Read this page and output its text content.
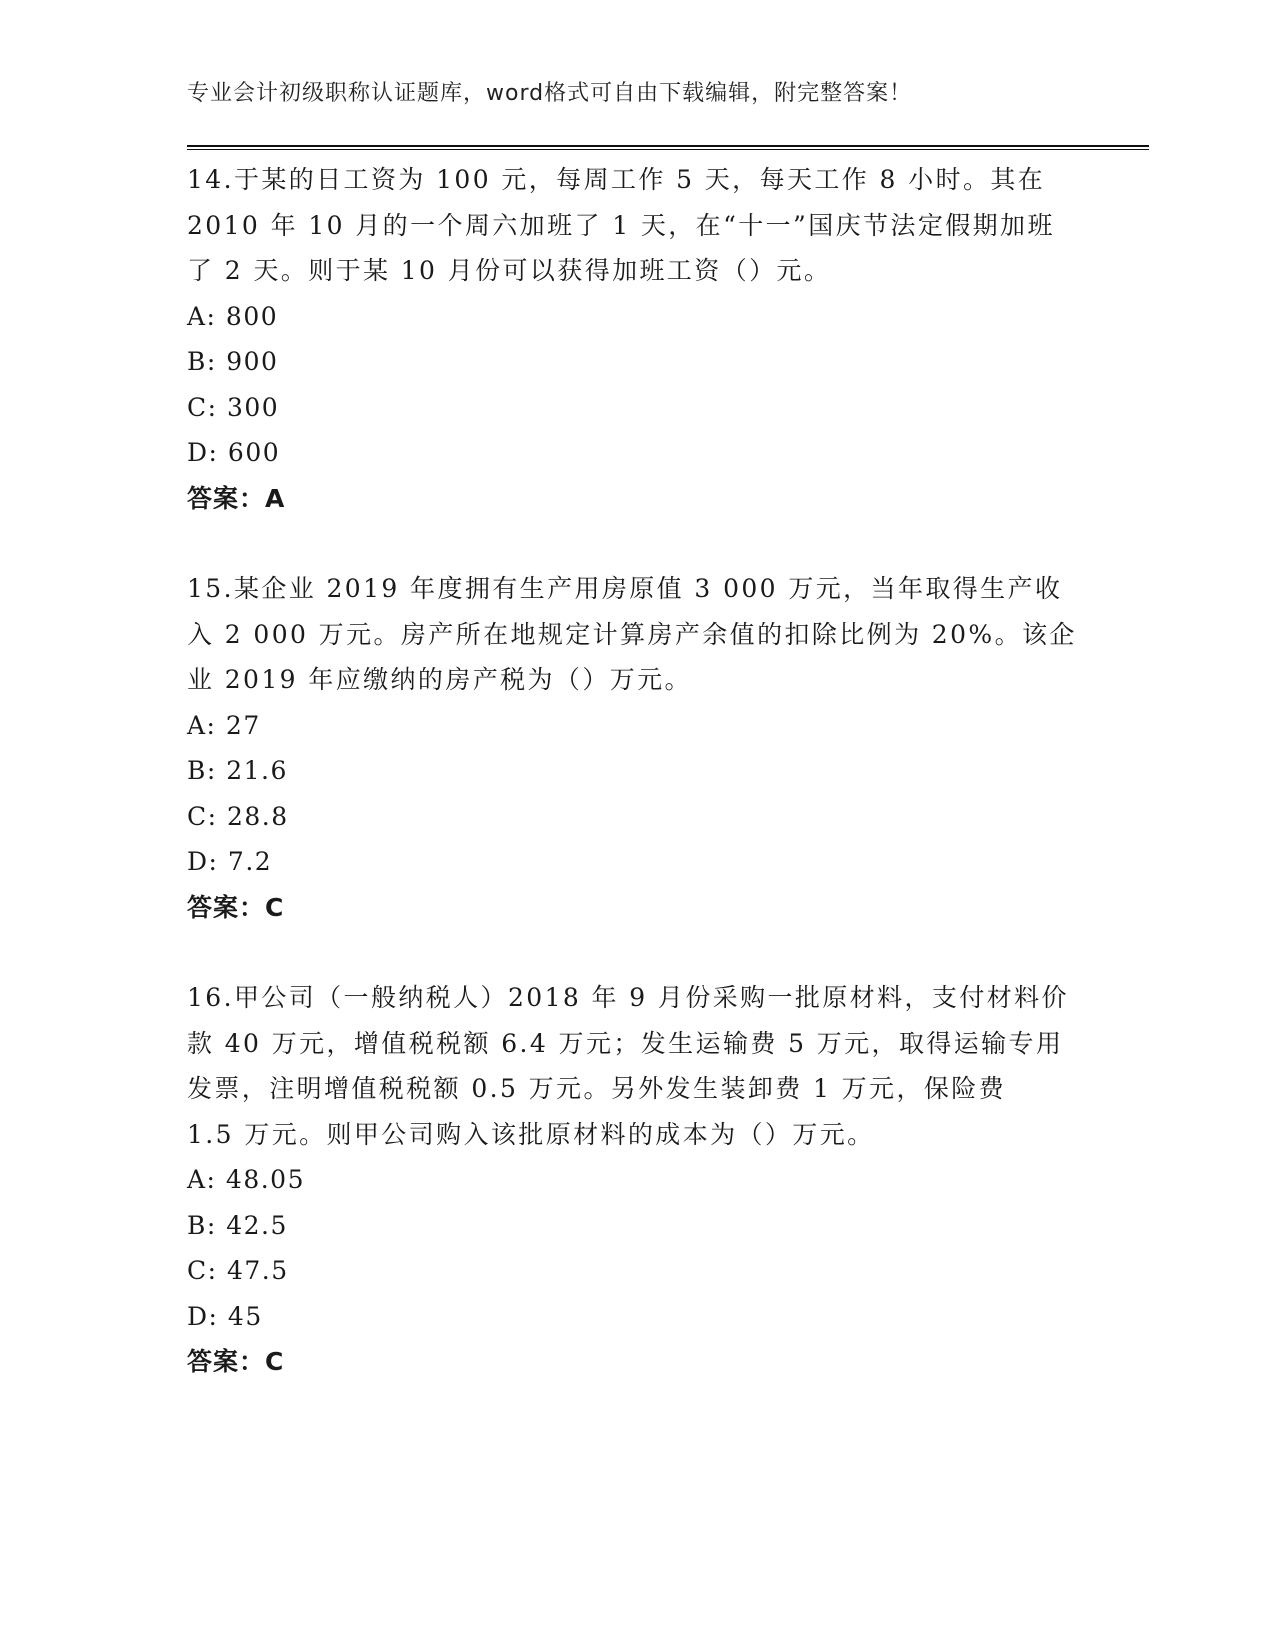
专业会计初级职称认证题库，word格式可自由下载编辑，附完整答案！

14.于某的日工资为 100 元，每周工作 5 天，每天工作 8 小时。其在

2010 年 10 月的一个周六加班了 1 天，在“十一”国庆节法定假期加班

了 2 天。则于某 10 月份可以获得加班工资（）元。

A: 800

B: 900

C: 300

D: 600

答案：A

15.某企业 2019 年度拥有生产用房原值 3 000 万元，当年取得生产收

入 2 000 万元。房产所在地规定计算房产余值的扣除比例为 20%。该企

业 2019 年应缴纳的房产税为（）万元。

A: 27

B: 21.6

C: 28.8

D: 7.2

答案：C

16.甲公司（一般纳税人）2018 年 9 月份采购一批原材料，支付材料价

款 40 万元，增值税税额 6.4 万元；发生运输费 5 万元，取得运输专用

发票，注明增值税税额 0.5 万元。另外发生装卸费 1 万元，保险费

1.5 万元。则甲公司购入该批原材料的成本为（）万元。

A: 48.05

B: 42.5

C: 47.5

D: 45

答案：C
